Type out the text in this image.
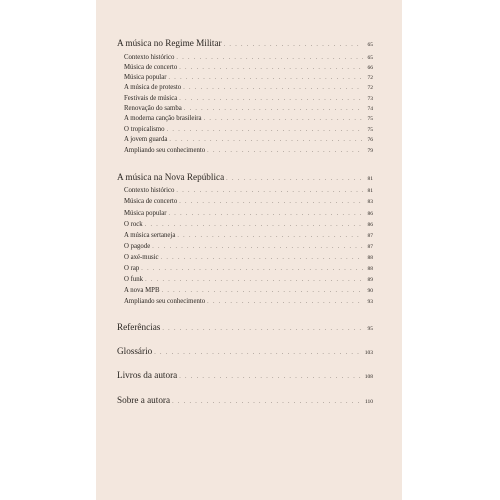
A música no Regime Militar . . .	65
Contexto histórico . . .	65
Música de concerto . . .	66
Música popular . . .	72
A música de protesto . . .	72
Festivais de música . . .	73
Renovação do samba . . .	74
A moderna canção brasileira . . .	75
O tropicalismo . . .	75
A jovem guarda . . .	76
Ampliando seu conhecimento . . .	79
A música na Nova República . . .	81
Contexto histórico . . .	81
Música de concerto . . .	83
Música popular . . .	86
O rock . . .	86
A música sertaneja . . .	87
O pagode . . .	87
O axé-music . . .	88
O rap . . .	88
O funk . . .	89
A nova MPB . . .	90
Ampliando seu conhecimento . . .	93
Referências . . .	95
Glossário . . .	103
Livros da autora . . .	108
Sobre a autora . . .	110
